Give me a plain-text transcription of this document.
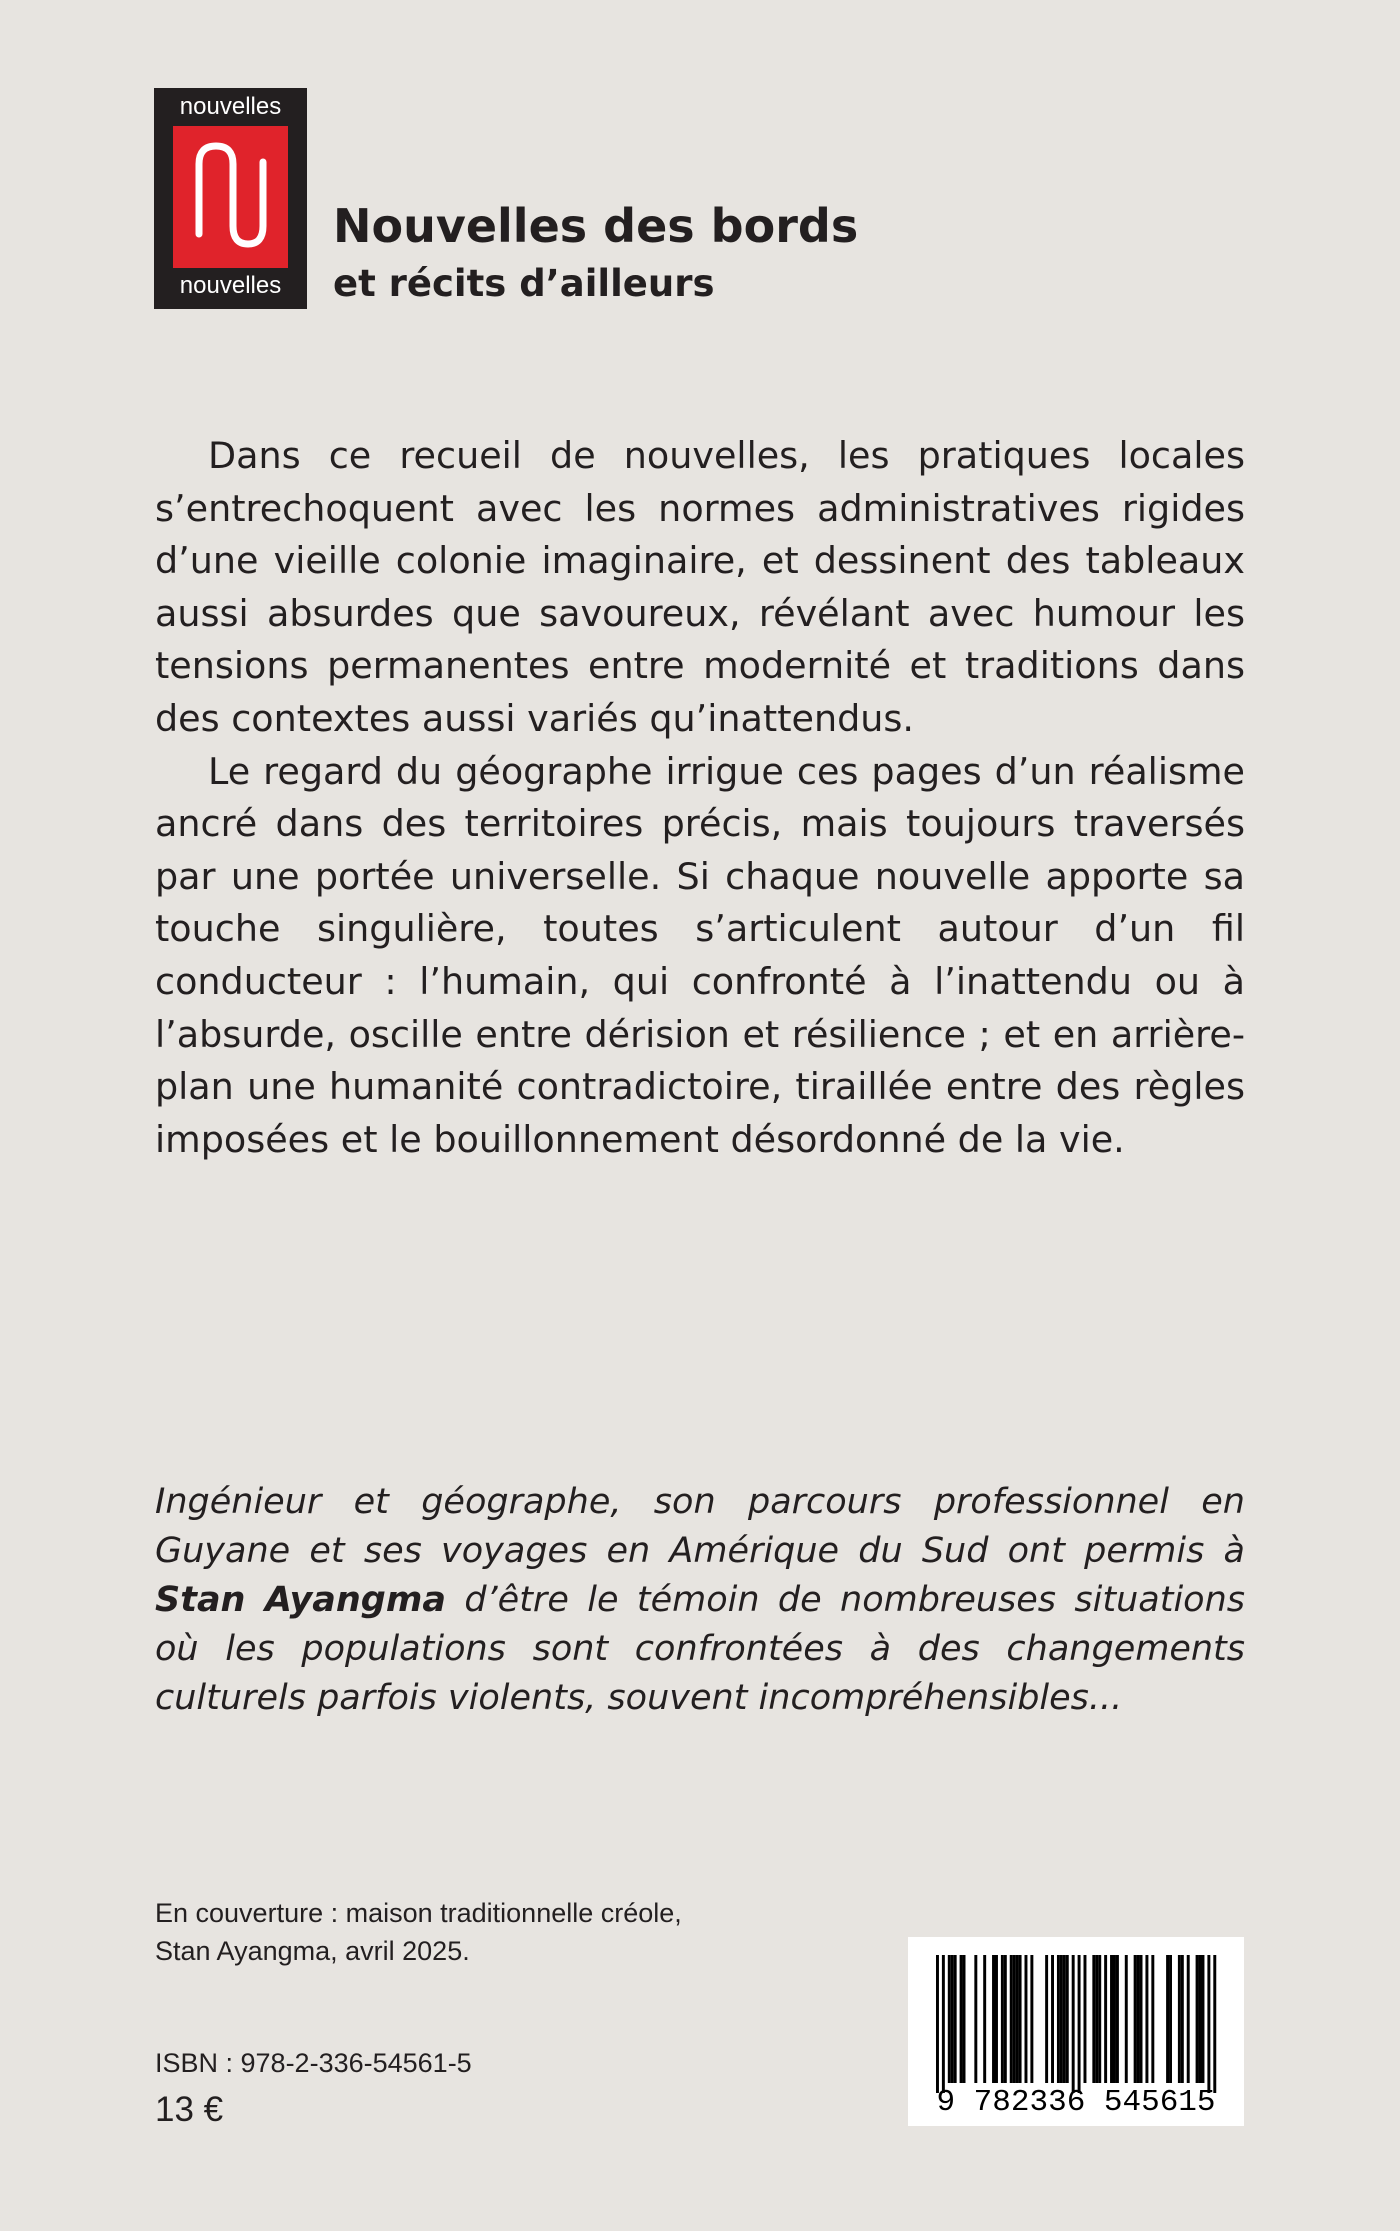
nouvelles
nouvelles
Nouvelles des bords
et récits d’ailleurs

Dans ce recueil de nouvelles, les pratiques locales s’entrechoquent avec les normes administratives rigides d’une vieille colonie imaginaire, et dessinent des tableaux aussi absurdes que savoureux, révélant avec humour les tensions permanentes entre modernité et traditions dans des contextes aussi variés qu’inattendus.

Le regard du géographe irrigue ces pages d’un réalisme ancré dans des territoires précis, mais toujours traversés par une portée universelle. Si chaque nouvelle apporte sa touche singulière, toutes s’articulent autour d’un fil conducteur : l’humain, qui confronté à l’inattendu ou à l’absurde, oscille entre dérision et résilience ; et en arrière-plan une humanité contradictoire, tiraillée entre des règles imposées et le bouillonnement désordonné de la vie.

Ingénieur et géographe, son parcours professionnel en Guyane et ses voyages en Amérique du Sud ont permis à Stan Ayangma d’être le témoin de nombreuses situations où les populations sont confrontées à des changements culturels parfois violents, souvent incompréhensibles...
En couverture : maison traditionnelle créole,
Stan Ayangma, avril 2025.
ISBN : 978-2-336-54561-5
13 €	9 782336 545615
